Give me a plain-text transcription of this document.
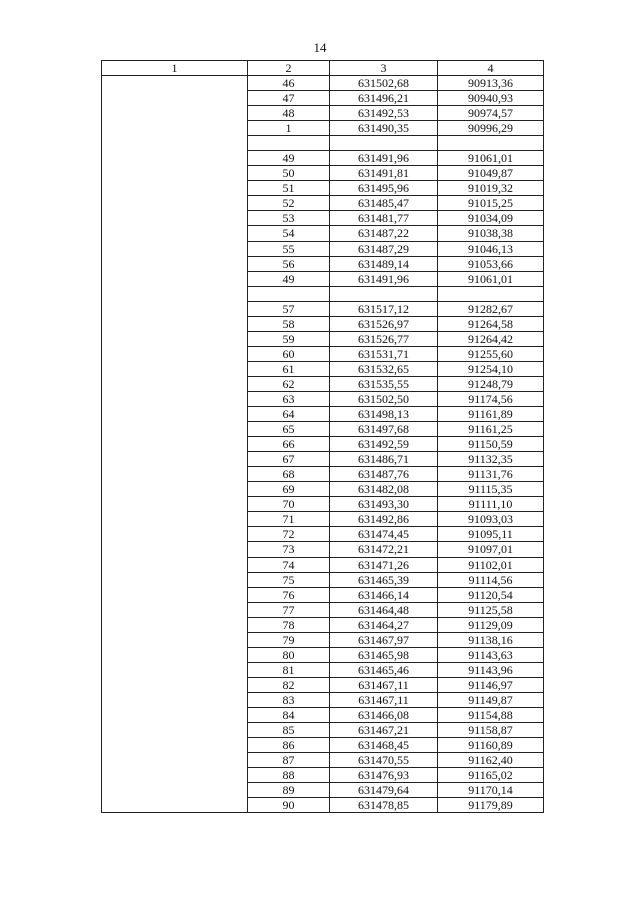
14
1	2	3	4
	46	631502,68	90913,36
	47	631496,21	90940,93
	48	631492,53	90974,57
	1	631490,35	90996,29

	49	631491,96	91061,01
	50	631491,81	91049,87
	51	631495,96	91019,32
	52	631485,47	91015,25
	53	631481,77	91034,09
	54	631487,22	91038,38
	55	631487,29	91046,13
	56	631489,14	91053,66
	49	631491,96	91061,01

	57	631517,12	91282,67
	58	631526,97	91264,58
	59	631526,77	91264,42
	60	631531,71	91255,60
	61	631532,65	91254,10
	62	631535,55	91248,79
	63	631502,50	91174,56
	64	631498,13	91161,89
	65	631497,68	91161,25
	66	631492,59	91150,59
	67	631486,71	91132,35
	68	631487,76	91131,76
	69	631482,08	91115,35
	70	631493,30	91111,10
	71	631492,86	91093,03
	72	631474,45	91095,11
	73	631472,21	91097,01
	74	631471,26	91102,01
	75	631465,39	91114,56
	76	631466,14	91120,54
	77	631464,48	91125,58
	78	631464,27	91129,09
	79	631467,97	91138,16
	80	631465,98	91143,63
	81	631465,46	91143,96
	82	631467,11	91146,97
	83	631467,11	91149,87
	84	631466,08	91154,88
	85	631467,21	91158,87
	86	631468,45	91160,89
	87	631470,55	91162,40
	88	631476,93	91165,02
	89	631479,64	91170,14
	90	631478,85	91179,89
